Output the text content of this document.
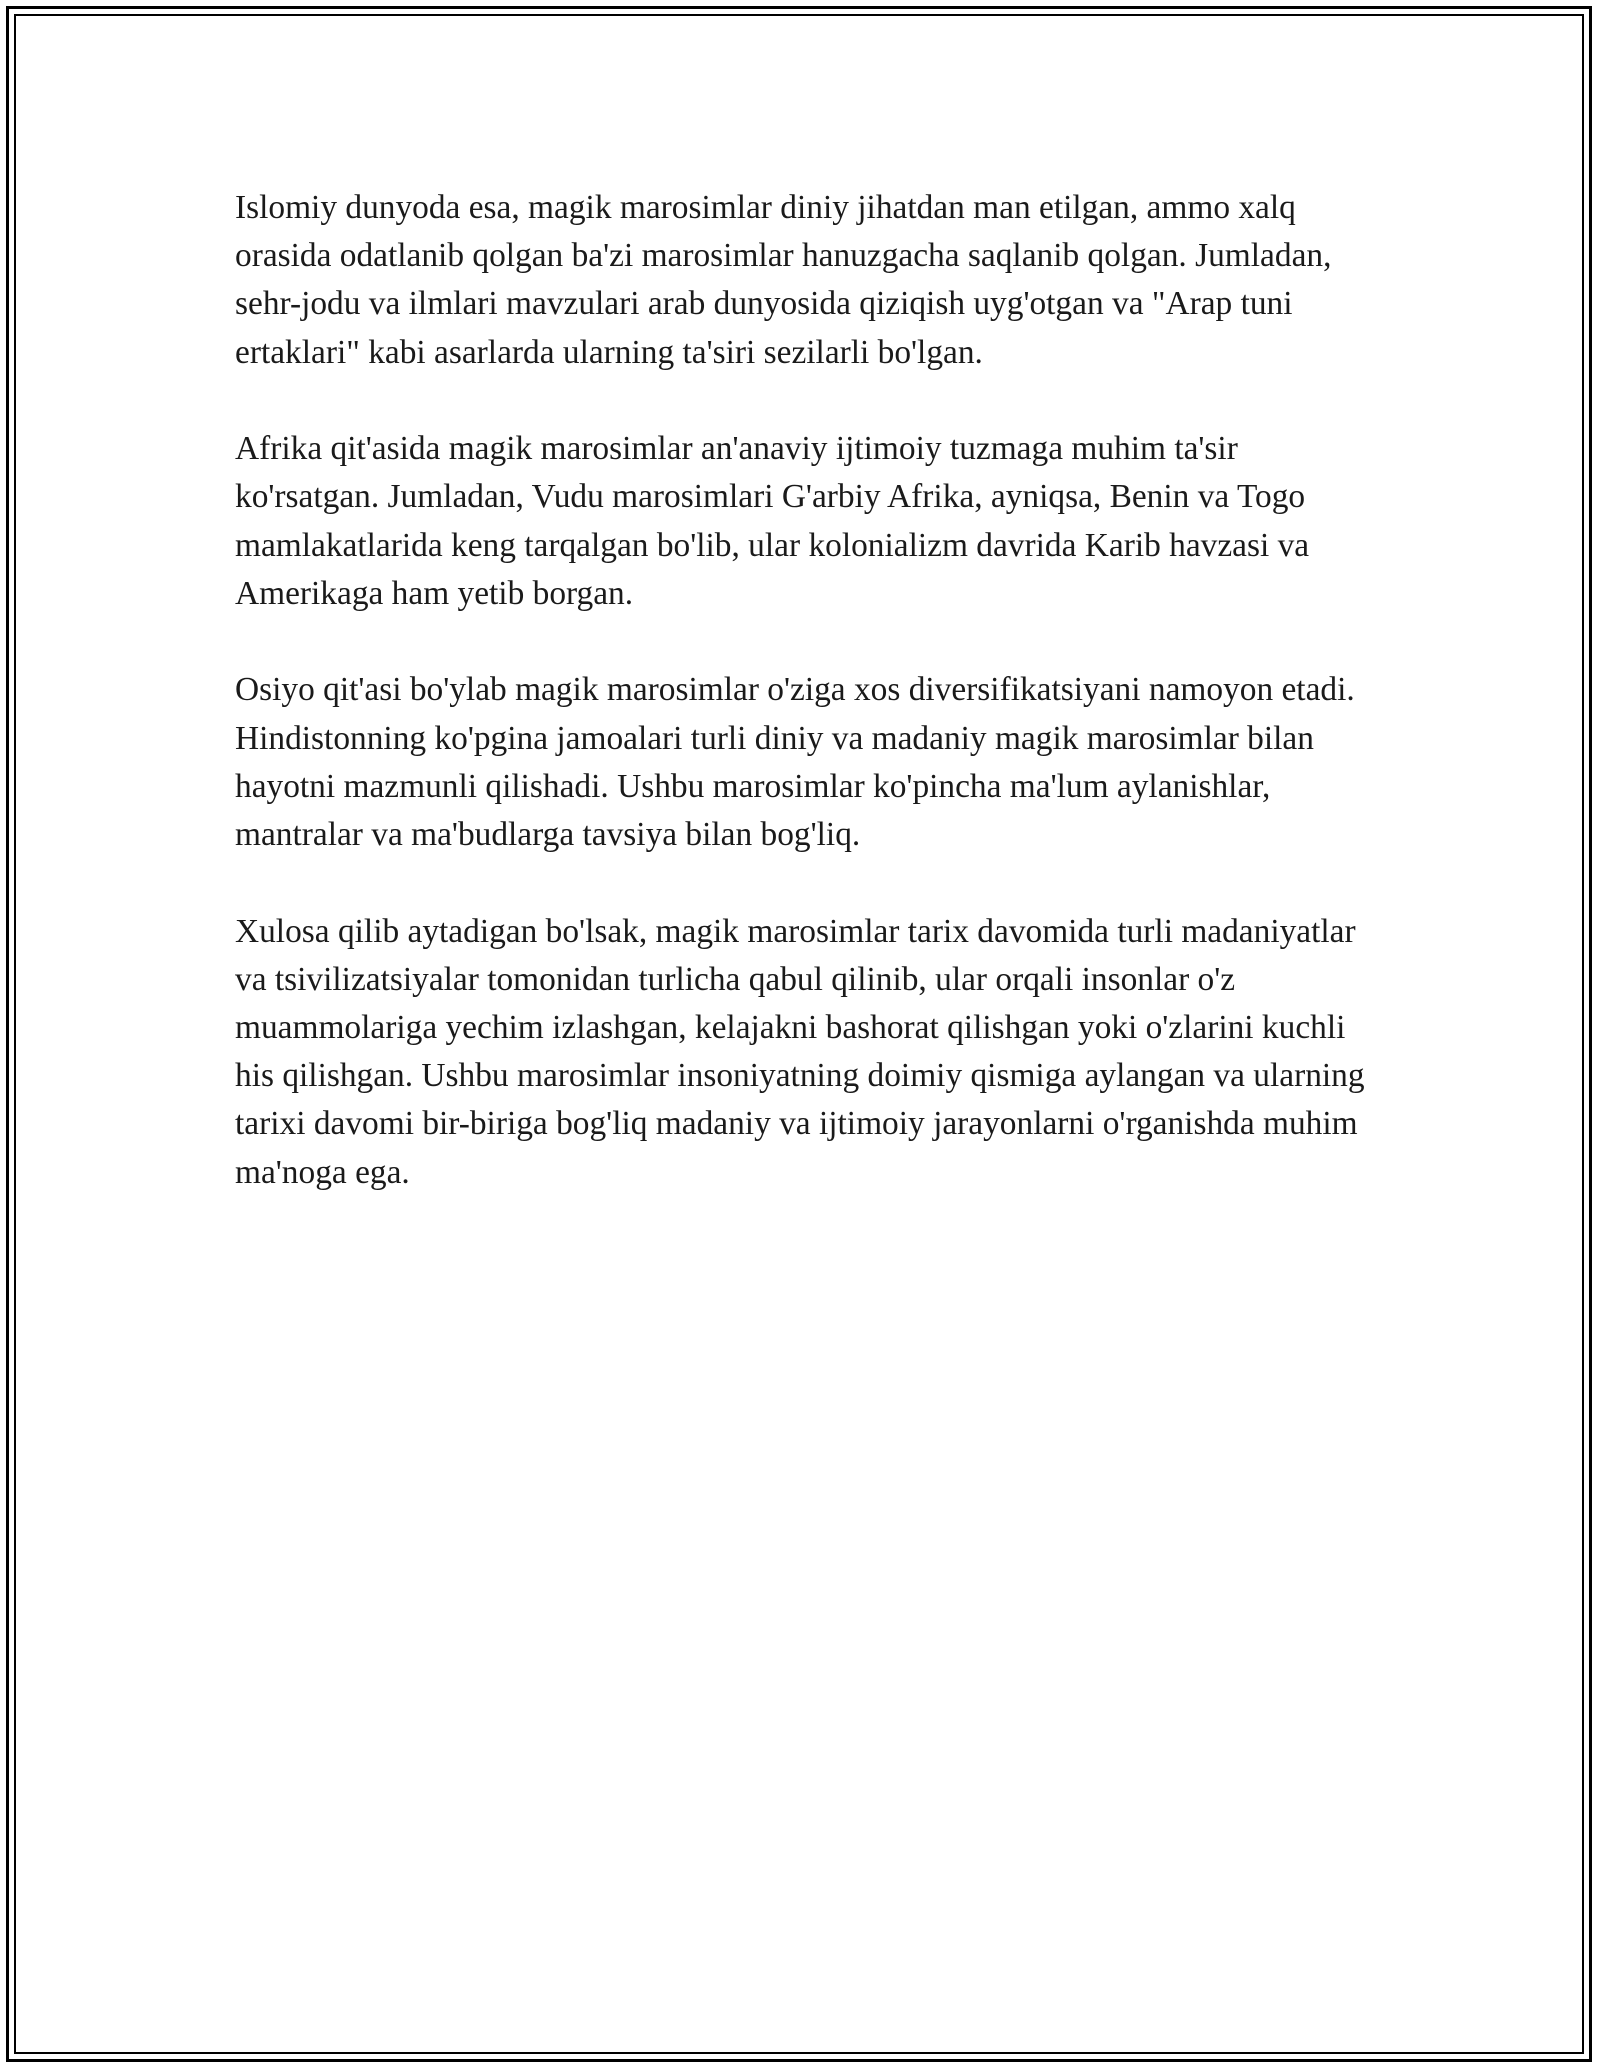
Islomiy dunyoda esa, magik marosimlar diniy jihatdan man etilgan, ammo xalq orasida odatlanib qolgan ba'zi marosimlar hanuzgacha saqlanib qolgan. Jumladan, sehr-jodu va ilmlari mavzulari arab dunyosida qiziqish uyg'otgan va "Arap tuni ertaklari" kabi asarlarda ularning ta'siri sezilarli bo'lgan.

Afrika qit'asida magik marosimlar an'anaviy ijtimoiy tuzmaga muhim ta'sir ko'rsatgan. Jumladan, Vudu marosimlari G'arbiy Afrika, ayniqsa, Benin va Togo mamlakatlarida keng tarqalgan bo'lib, ular kolonializm davrida Karib havzasi va Amerikaga ham yetib borgan.

Osiyo qit'asi bo'ylab magik marosimlar o'ziga xos diversifikatsiyani namoyon etadi. Hindistonning ko'pgina jamoalari turli diniy va madaniy magik marosimlar bilan hayotni mazmunli qilishadi. Ushbu marosimlar ko'pincha ma'lum aylanishlar, mantralar va ma'budlarga tavsiya bilan bog'liq.

Xulosa qilib aytadigan bo'lsak, magik marosimlar tarix davomida turli madaniyatlar va tsivilizatsiyalar tomonidan turlicha qabul qilinib, ular orqali insonlar o'z muammolariga yechim izlashgan, kelajakni bashorat qilishgan yoki o'zlarini kuchli his qilishgan. Ushbu marosimlar insoniyatning doimiy qismiga aylangan va ularning tarixi davomi bir-biriga bog'liq madaniy va ijtimoiy jarayonlarni o'rganishda muhim ma'noga ega.
